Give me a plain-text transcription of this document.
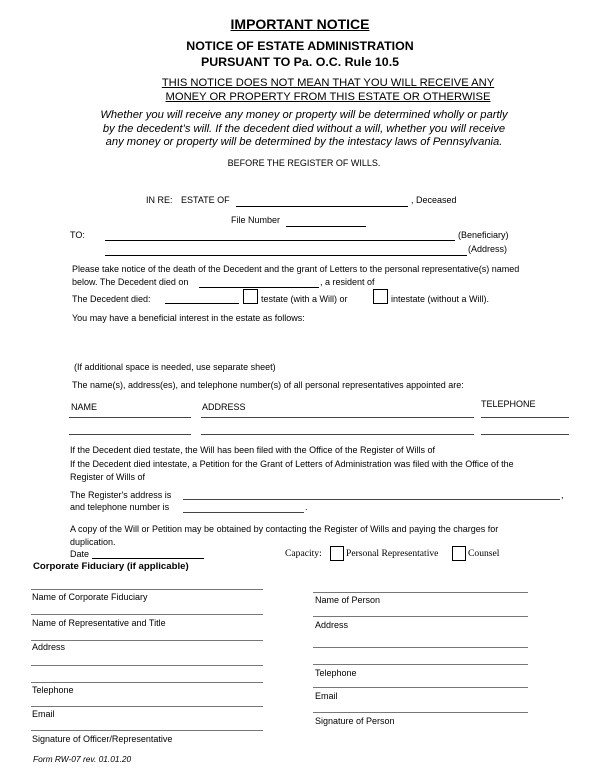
IMPORTANT NOTICE
NOTICE OF ESTATE ADMINISTRATION
PURSUANT TO Pa. O.C. Rule 10.5
THIS NOTICE DOES NOT MEAN THAT YOU WILL RECEIVE ANY
MONEY OR PROPERTY FROM THIS ESTATE OR OTHERWISE
Whether you will receive any money or property will be determined wholly or partly
by the decedent’s will. If the decedent died without a will, whether you will receive
any money or property will be determined by the intestacy laws of Pennsylvania.
BEFORE THE REGISTER OF WILLS.
IN RE: ESTATE OF	, Deceased
File Number
TO:	(Beneficiary)
(Address)
Please take notice of the death of the Decedent and the grant of Letters to the personal representative(s) named
below. The Decedent died on	, a resident of
The Decedent died:	testate (with a Will) or	intestate (without a Will).
You may have a beneficial interest in the estate as follows:
(If additional space is needed, use separate sheet)
The name(s), address(es), and telephone number(s) of all personal representatives appointed are:
NAME	ADDRESS	TELEPHONE
If the Decedent died testate, the Will has been filed with the Office of the Register of Wills of
If the Decedent died intestate, a Petition for the Grant of Letters of Administration was filed with the Office of the
Register of Wills of
The Register's address is	,
and telephone number is	.
A copy of the Will or Petition may be obtained by contacting the Register of Wills and paying the charges for
duplication.
Date	Capacity:	Personal Representative	Counsel
Corporate Fiduciary (if applicable)
Name of Corporate Fiduciary
Name of Representative and Title
Address
Telephone
Email
Signature of Officer/Representative
Name of Person
Address
Telephone
Email
Signature of Person
Form RW-07 rev. 01.01.20
